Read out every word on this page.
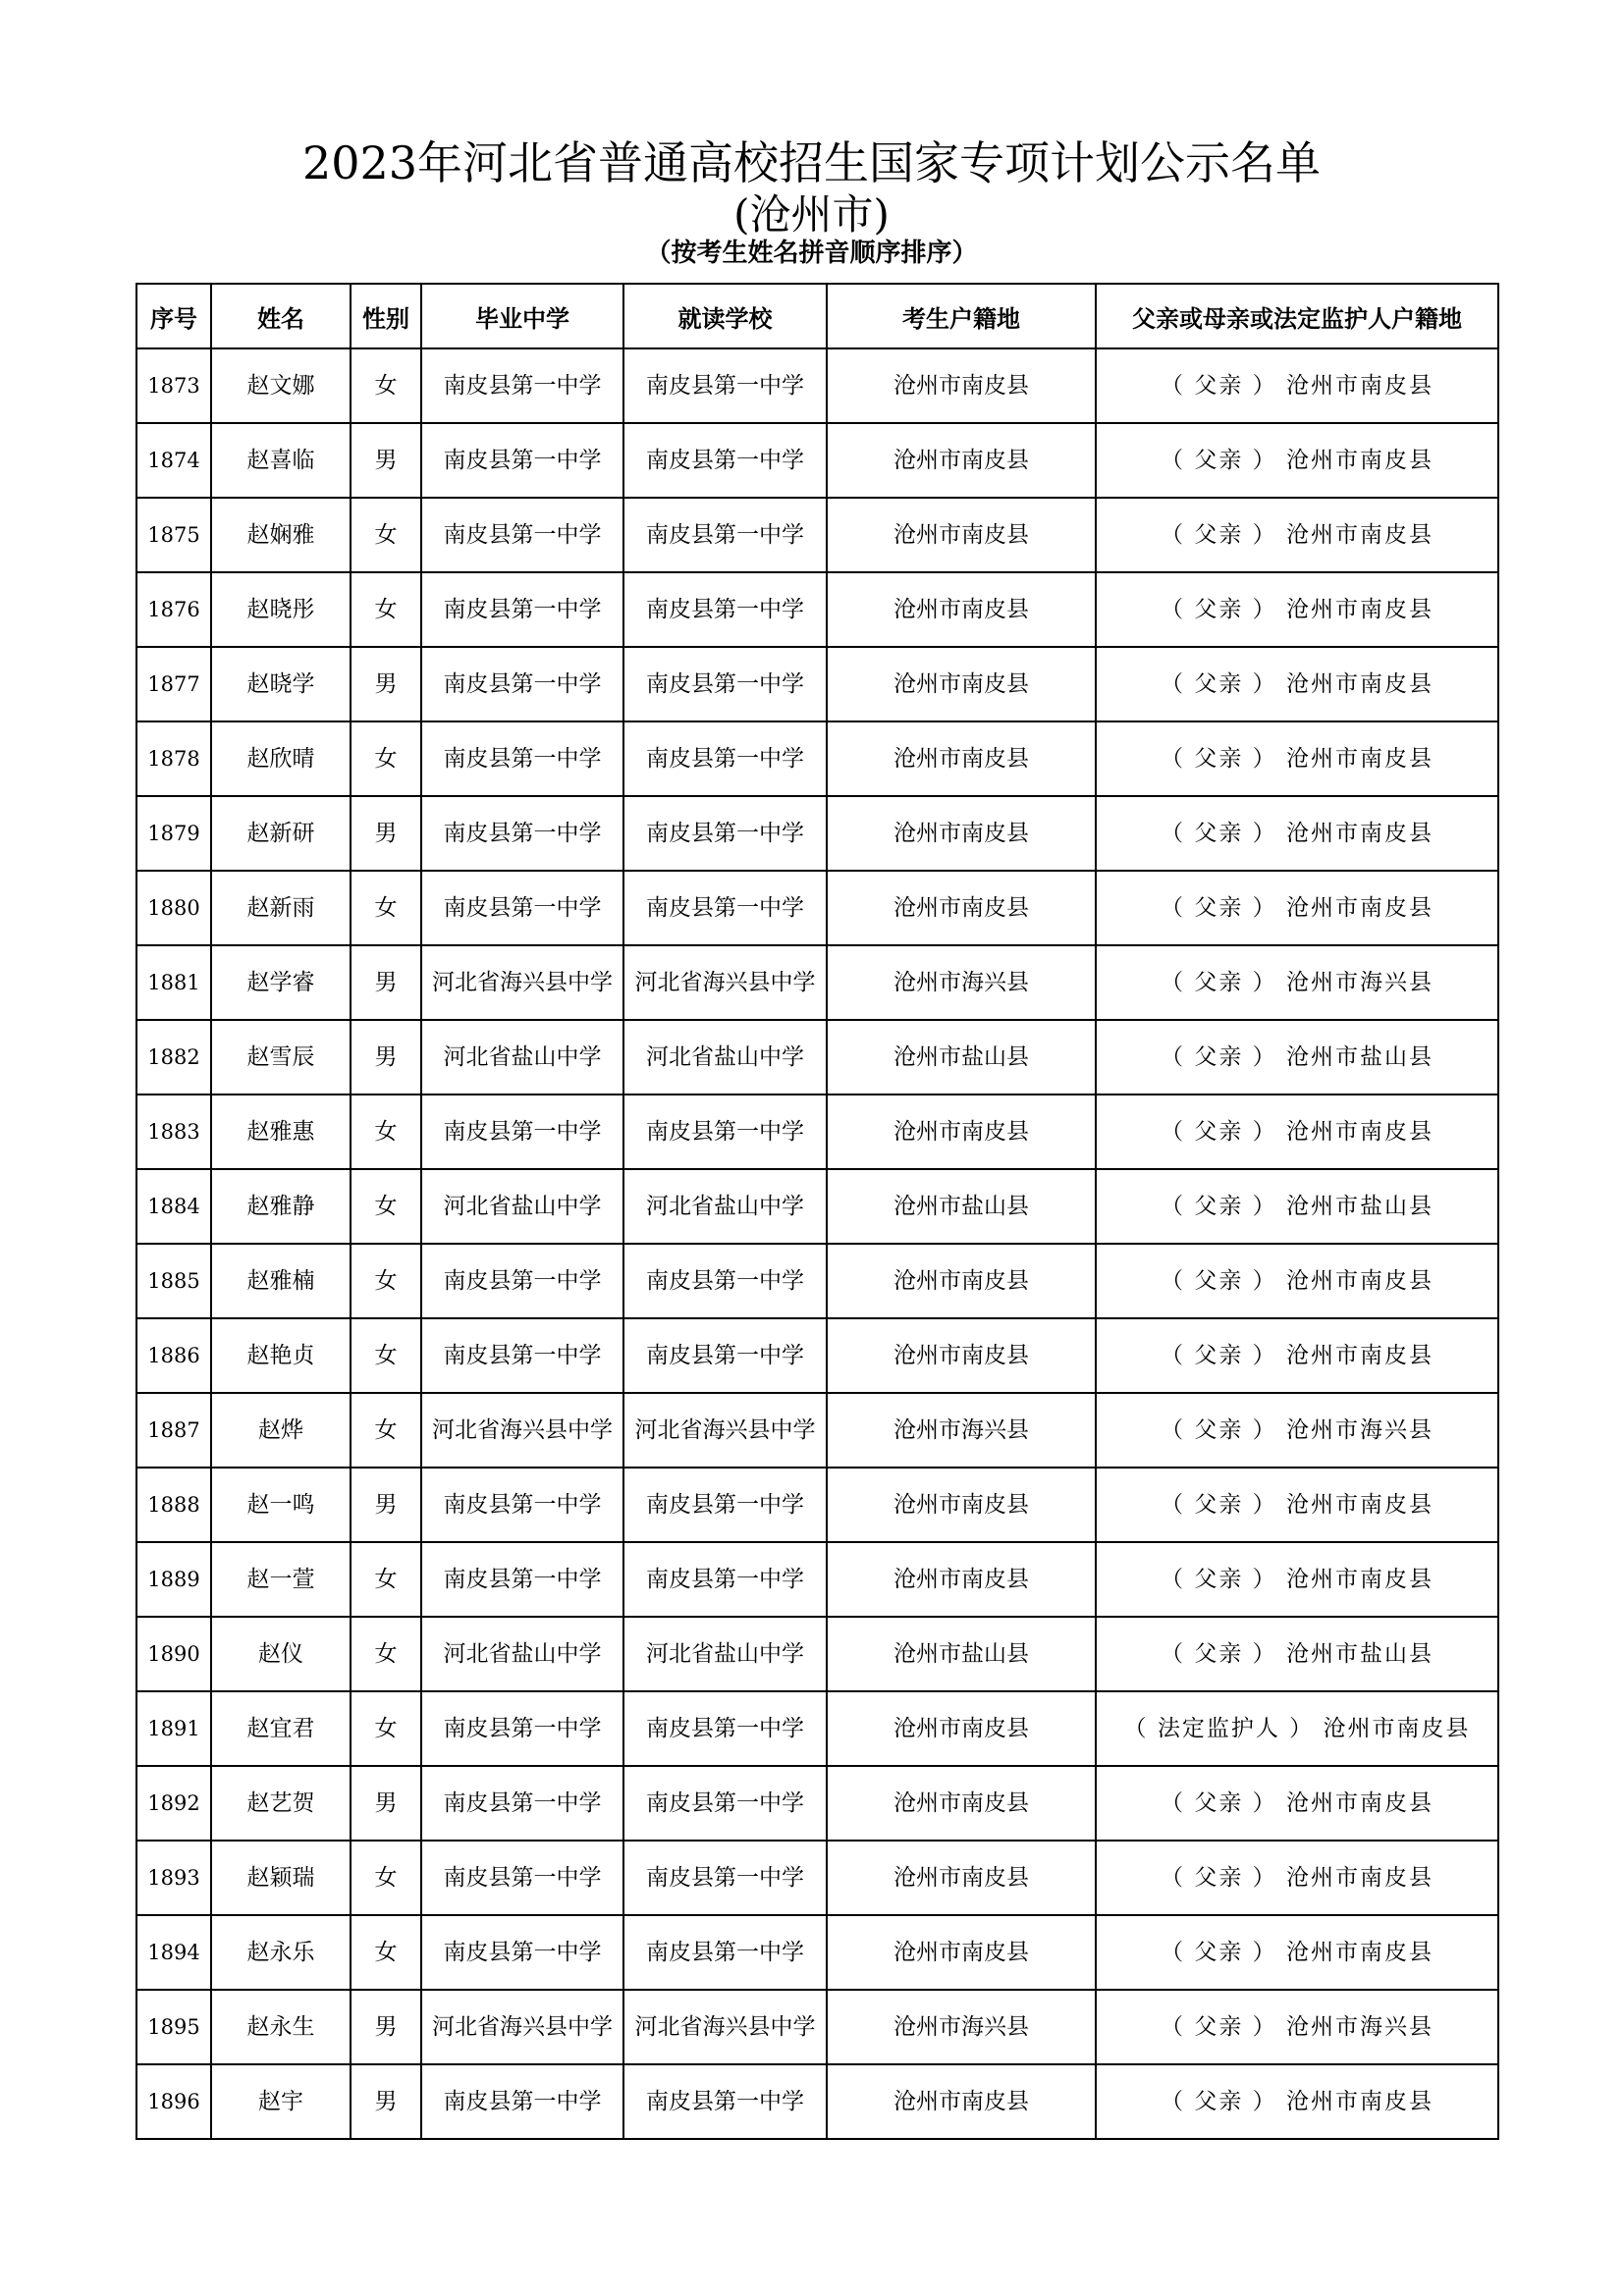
2023年河北省普通高校招生国家专项计划公示名单
(沧州市)
（按考生姓名拼音顺序排序）
序号	姓名	性别	毕业中学	就读学校	考生户籍地	父亲或母亲或法定监护人户籍地
1873	赵文娜	女	南皮县第一中学	南皮县第一中学	沧州市南皮县	（ 父亲 ） 沧州市南皮县
1874	赵喜临	男	南皮县第一中学	南皮县第一中学	沧州市南皮县	（ 父亲 ） 沧州市南皮县
1875	赵娴雅	女	南皮县第一中学	南皮县第一中学	沧州市南皮县	（ 父亲 ） 沧州市南皮县
1876	赵晓彤	女	南皮县第一中学	南皮县第一中学	沧州市南皮县	（ 父亲 ） 沧州市南皮县
1877	赵晓学	男	南皮县第一中学	南皮县第一中学	沧州市南皮县	（ 父亲 ） 沧州市南皮县
1878	赵欣晴	女	南皮县第一中学	南皮县第一中学	沧州市南皮县	（ 父亲 ） 沧州市南皮县
1879	赵新研	男	南皮县第一中学	南皮县第一中学	沧州市南皮县	（ 父亲 ） 沧州市南皮县
1880	赵新雨	女	南皮县第一中学	南皮县第一中学	沧州市南皮县	（ 父亲 ） 沧州市南皮县
1881	赵学睿	男	河北省海兴县中学	河北省海兴县中学	沧州市海兴县	（ 父亲 ） 沧州市海兴县
1882	赵雪辰	男	河北省盐山中学	河北省盐山中学	沧州市盐山县	（ 父亲 ） 沧州市盐山县
1883	赵雅惠	女	南皮县第一中学	南皮县第一中学	沧州市南皮县	（ 父亲 ） 沧州市南皮县
1884	赵雅静	女	河北省盐山中学	河北省盐山中学	沧州市盐山县	（ 父亲 ） 沧州市盐山县
1885	赵雅楠	女	南皮县第一中学	南皮县第一中学	沧州市南皮县	（ 父亲 ） 沧州市南皮县
1886	赵艳贞	女	南皮县第一中学	南皮县第一中学	沧州市南皮县	（ 父亲 ） 沧州市南皮县
1887	赵烨	女	河北省海兴县中学	河北省海兴县中学	沧州市海兴县	（ 父亲 ） 沧州市海兴县
1888	赵一鸣	男	南皮县第一中学	南皮县第一中学	沧州市南皮县	（ 父亲 ） 沧州市南皮县
1889	赵一萱	女	南皮县第一中学	南皮县第一中学	沧州市南皮县	（ 父亲 ） 沧州市南皮县
1890	赵仪	女	河北省盐山中学	河北省盐山中学	沧州市盐山县	（ 父亲 ） 沧州市盐山县
1891	赵宜君	女	南皮县第一中学	南皮县第一中学	沧州市南皮县	（ 法定监护人 ） 沧州市南皮县
1892	赵艺贺	男	南皮县第一中学	南皮县第一中学	沧州市南皮县	（ 父亲 ） 沧州市南皮县
1893	赵颖瑞	女	南皮县第一中学	南皮县第一中学	沧州市南皮县	（ 父亲 ） 沧州市南皮县
1894	赵永乐	女	南皮县第一中学	南皮县第一中学	沧州市南皮县	（ 父亲 ） 沧州市南皮县
1895	赵永生	男	河北省海兴县中学	河北省海兴县中学	沧州市海兴县	（ 父亲 ） 沧州市海兴县
1896	赵宇	男	南皮县第一中学	南皮县第一中学	沧州市南皮县	（ 父亲 ） 沧州市南皮县
